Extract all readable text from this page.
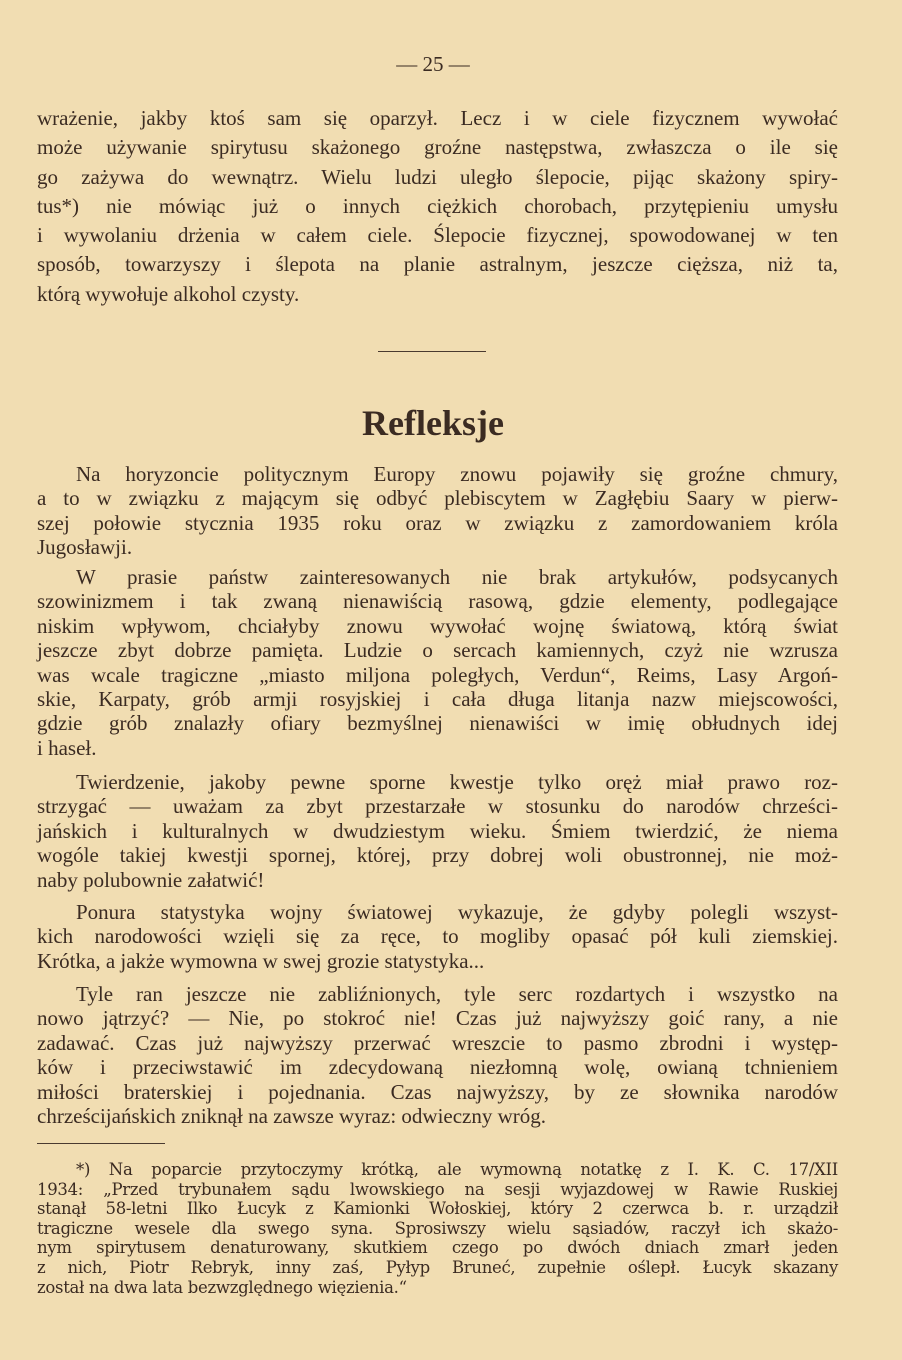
— 25 —
wrażenie, jakby ktoś sam się oparzył. Lecz i w ciele fizycznem wywołać
może używanie spirytusu skażonego groźne następstwa, zwłaszcza o ile się
go zażywa do wewnątrz. Wielu ludzi uległo ślepocie, pijąc skażony spiry-
tus*) nie mówiąc już o innych ciężkich chorobach, przytępieniu umysłu
i wywolaniu drżenia w całem ciele. Ślepocie fizycznej, spowodowanej w ten
sposób, towarzyszy i ślepota na planie astralnym, jeszcze cięższa, niż ta,
którą wywołuje alkohol czysty.
Refleksje
Na horyzoncie politycznym Europy znowu pojawiły się groźne chmury,
a to w związku z mającym się odbyć plebiscytem w Zagłębiu Saary w pierw-
szej połowie stycznia 1935 roku oraz w związku z zamordowaniem króla
Jugosławji.
W prasie państw zainteresowanych nie brak artykułów, podsycanych
szowinizmem i tak zwaną nienawiścią rasową, gdzie elementy, podlegające
niskim wpływom, chciałyby znowu wywołać wojnę światową, którą świat
jeszcze zbyt dobrze pamięta. Ludzie o sercach kamiennych, czyż nie wzrusza
was wcale tragiczne „miasto miljona poległych, Verdun“, Reims, Lasy Argoń-
skie, Karpaty, grób armji rosyjskiej i cała długa litanja nazw miejscowości,
gdzie grób znalazły ofiary bezmyślnej nienawiści w imię obłudnych idej
i haseł.
Twierdzenie, jakoby pewne sporne kwestje tylko oręż miał prawo roz-
strzygać — uważam za zbyt przestarzałe w stosunku do narodów chrześci-
jańskich i kulturalnych w dwudziestym wieku. Śmiem twierdzić, że niema
wogóle takiej kwestji spornej, której, przy dobrej woli obustronnej, nie moż-
naby polubownie załatwić!
Ponura statystyka wojny światowej wykazuje, że gdyby polegli wszyst-
kich narodowości wzięli się za ręce, to mogliby opasać pół kuli ziemskiej.
Krótka, a jakże wymowna w swej grozie statystyka...
Tyle ran jeszcze nie zabliźnionych, tyle serc rozdartych i wszystko na
nowo jątrzyć? — Nie, po stokroć nie! Czas już najwyższy goić rany, a nie
zadawać. Czas już najwyższy przerwać wreszcie to pasmo zbrodni i występ-
ków i przeciwstawić im zdecydowaną niezłomną wolę, owianą tchnieniem
miłości braterskiej i pojednania. Czas najwyższy, by ze słownika narodów
chrześcijańskich zniknął na zawsze wyraz: odwieczny wróg.
*) Na poparcie przytoczymy krótką, ale wymowną notatkę z I. K. C. 17/XII
1934: „Przed trybunałem sądu lwowskiego na sesji wyjazdowej w Rawie Ruskiej
stanął 58-letni Ilko Łucyk z Kamionki Wołoskiej, który 2 czerwca b. r. urządził
tragiczne wesele dla swego syna. Sprosiwszy wielu sąsiadów, raczył ich skażo-
nym spirytusem denaturowany, skutkiem czego po dwóch dniach zmarł jeden
z nich, Piotr Rebryk, inny zaś, Pyłyp Bruneć, zupełnie oślepł. Łucyk skazany
został na dwa lata bezwzględnego więzienia.“
